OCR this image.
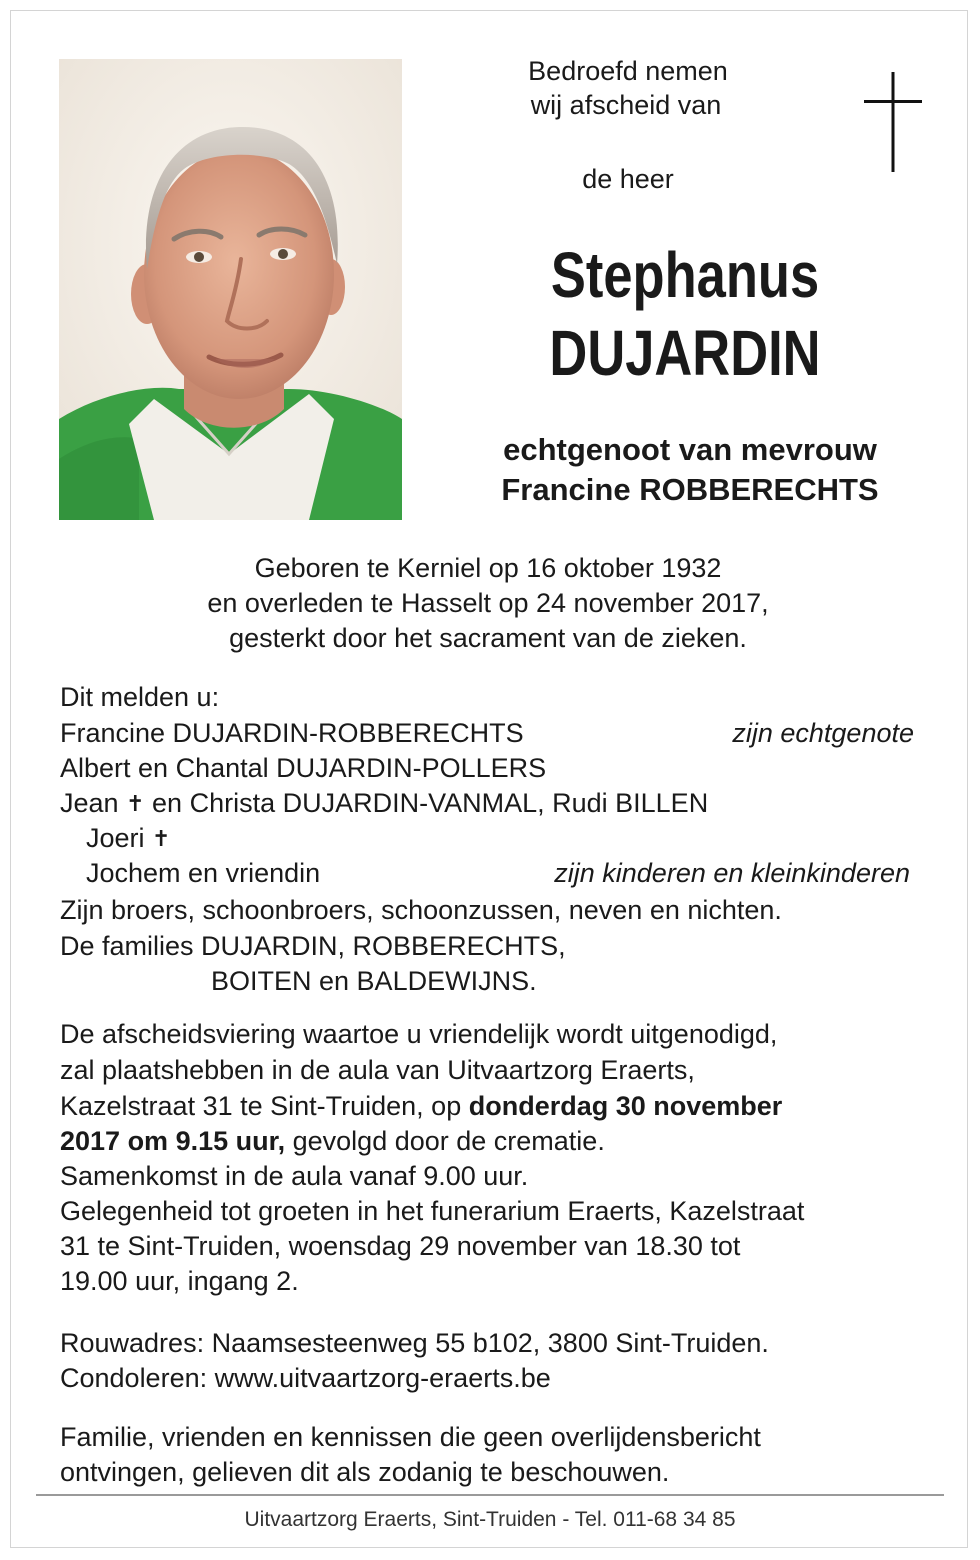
Bedroefd nemen
wij afscheid van
de heer
Stephanus
DUJARDIN
echtgenoot van mevrouw
Francine ROBBERECHTS
Geboren te Kerniel op 16 oktober 1932
en overleden te Hasselt op 24 november 2017,
gesterkt door het sacrament van de zieken.
Dit melden u:
Francine DUJARDIN-ROBBERECHTS	zijn echtgenote
Albert en Chantal DUJARDIN-POLLERS
Jean ✝ en Christa DUJARDIN-VANMAL, Rudi BILLEN
Joeri ✝
Jochem en vriendin	zijn kinderen en kleinkinderen
Zijn broers, schoonbroers, schoonzussen, neven en nichten.
De families DUJARDIN, ROBBERECHTS,
BOITEN en BALDEWIJNS.
De afscheidsviering waartoe u vriendelijk wordt uitgenodigd,
zal plaatshebben in de aula van Uitvaartzorg Eraerts,
Kazelstraat 31 te Sint-Truiden, op donderdag 30 november
2017 om 9.15 uur, gevolgd door de crematie.
Samenkomst in de aula vanaf 9.00 uur.
Gelegenheid tot groeten in het funerarium Eraerts, Kazelstraat
31 te Sint-Truiden, woensdag 29 november van 18.30 tot
19.00 uur, ingang 2.
Rouwadres: Naamsesteenweg 55 b102, 3800 Sint-Truiden.
Condoleren: www.uitvaartzorg-eraerts.be
Familie, vrienden en kennissen die geen overlijdensbericht
ontvingen, gelieven dit als zodanig te beschouwen.
Uitvaartzorg Eraerts, Sint-Truiden - Tel. 011-68 34 85
